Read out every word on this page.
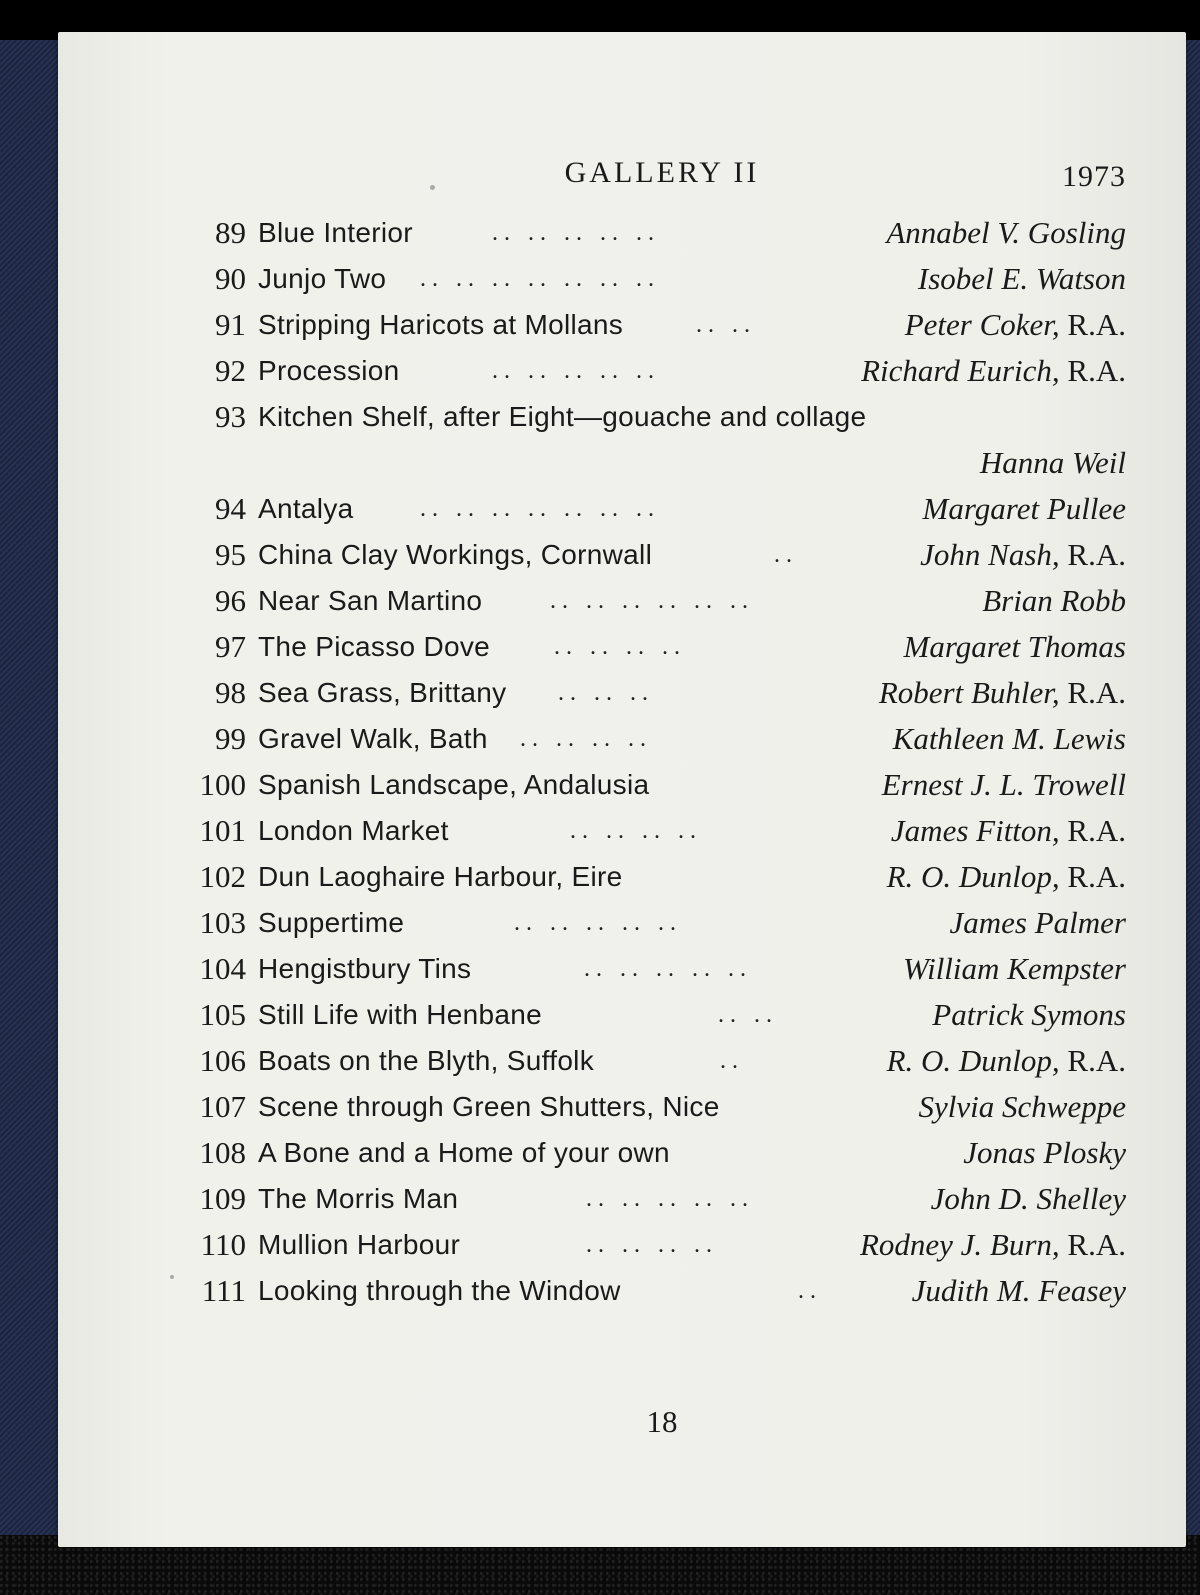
GALLERY II	1973
89 Blue Interior	.. .. .. .. ..	Annabel V. Gosling
90 Junjo Two .. .. .. .. .. .. ..	Isobel E. Watson
91 Stripping Haricots at Mollans	.. ..	Peter Coker, R.A.
92 Procession	.. .. .. .. ..	Richard Eurich, R.A.
93 Kitchen Shelf, after Eight—gouache and collage
Hanna Weil
94 Antalya	.. .. .. .. .. .. ..	Margaret Pullee
95 China Clay Workings, Cornwall	..	John Nash, R.A.
96 Near San Martino	.. .. .. .. .. ..	Brian Robb
97 The Picasso Dove	.. .. .. ..	Margaret Thomas
98 Sea Grass, Brittany .. .. ..	Robert Buhler, R.A.
99 Gravel Walk, Bath .. .. .. ..	Kathleen M. Lewis
100 Spanish Landscape, Andalusia	Ernest J. L. Trowell
101 London Market	.. .. .. ..	James Fitton, R.A.
102 Dun Laoghaire Harbour, Eire	R. O. Dunlop, R.A.
103 Suppertime	.. .. .. .. ..	James Palmer
104 Hengistbury Tins	.. .. .. .. ..	William Kempster
105 Still Life with Henbane	.. ..	Patrick Symons
106 Boats on the Blyth, Suffolk	..	R. O. Dunlop, R.A.
107 Scene through Green Shutters, Nice	Sylvia Schweppe
108 A Bone and a Home of your own	Jonas Plosky
109 The Morris Man	.. .. .. .. ..	John D. Shelley
110 Mullion Harbour	.. .. .. ..	Rodney J. Burn, R.A.
111 Looking through the Window	..	Judith M. Feasey
18
